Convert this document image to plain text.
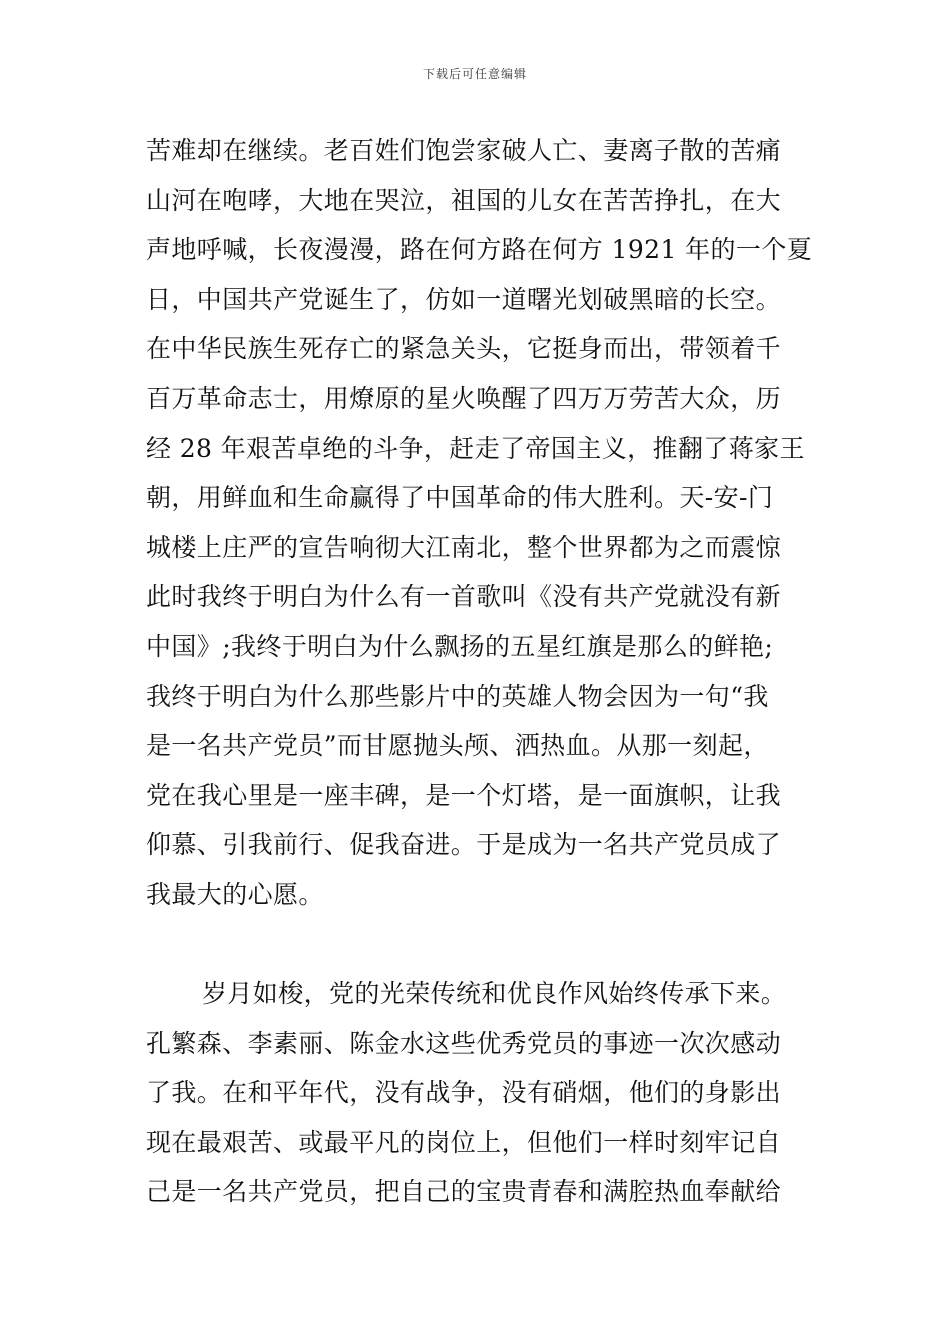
下载后可任意编辑
苦难却在继续。老百姓们饱尝家破人亡、妻离子散的苦痛
山河在咆哮，大地在哭泣，祖国的儿女在苦苦挣扎，在大
声地呼喊，长夜漫漫，路在何方路在何方 1921 年的一个夏
日，中国共产党诞生了，仿如一道曙光划破黑暗的长空。
在中华民族生死存亡的紧急关头，它挺身而出，带领着千
百万革命志士，用燎原的星火唤醒了四万万劳苦大众，历
经 28 年艰苦卓绝的斗争，赶走了帝国主义，推翻了蒋家王
朝，用鲜血和生命赢得了中国革命的伟大胜利。天-安-门
城楼上庄严的宣告响彻大江南北，整个世界都为之而震惊
此时我终于明白为什么有一首歌叫《没有共产党就没有新
中国》;我终于明白为什么飘扬的五星红旗是那么的鲜艳;
我终于明白为什么那些影片中的英雄人物会因为一句“我
是一名共产党员”而甘愿抛头颅、洒热血。从那一刻起，
党在我心里是一座丰碑，是一个灯塔，是一面旗帜，让我
仰慕、引我前行、促我奋进。于是成为一名共产党员成了
我最大的心愿。
岁月如梭，党的光荣传统和优良作风始终传承下来。
孔繁森、李素丽、陈金水这些优秀党员的事迹一次次感动
了我。在和平年代，没有战争，没有硝烟，他们的身影出
现在最艰苦、或最平凡的岗位上，但他们一样时刻牢记自
己是一名共产党员，把自己的宝贵青春和满腔热血奉献给
